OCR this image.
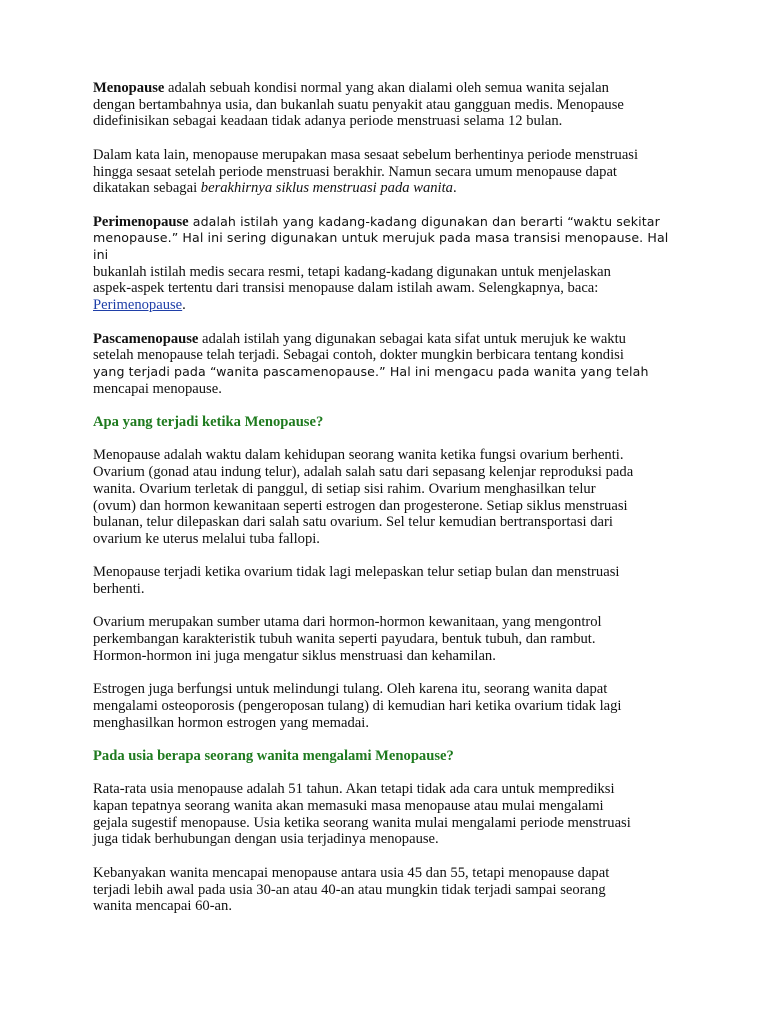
Menopause adalah sebuah kondisi normal yang akan dialami oleh semua wanita sejalan
dengan bertambahnya usia, dan bukanlah suatu penyakit atau gangguan medis. Menopause
didefinisikan sebagai keadaan tidak adanya periode menstruasi selama 12 bulan.

Dalam kata lain, menopause merupakan masa sesaat sebelum berhentinya periode menstruasi
hingga sesaat setelah periode menstruasi berakhir. Namun secara umum menopause dapat
dikatakan sebagai berakhirnya siklus menstruasi pada wanita.

Perimenopause adalah istilah yang kadang-kadang digunakan dan berarti “waktu sekitar
menopause.” Hal ini sering digunakan untuk merujuk pada masa transisi menopause. Hal ini
bukanlah istilah medis secara resmi, tetapi kadang-kadang digunakan untuk menjelaskan
aspek-aspek tertentu dari transisi menopause dalam istilah awam. Selengkapnya, baca:
Perimenopause.

Pascamenopause adalah istilah yang digunakan sebagai kata sifat untuk merujuk ke waktu
setelah menopause telah terjadi. Sebagai contoh, dokter mungkin berbicara tentang kondisi
yang terjadi pada “wanita pascamenopause.” Hal ini mengacu pada wanita yang telah
mencapai menopause.

Apa yang terjadi ketika Menopause?

Menopause adalah waktu dalam kehidupan seorang wanita ketika fungsi ovarium berhenti.
Ovarium (gonad atau indung telur), adalah salah satu dari sepasang kelenjar reproduksi pada
wanita. Ovarium terletak di panggul, di setiap sisi rahim. Ovarium menghasilkan telur
(ovum) dan hormon kewanitaan seperti estrogen dan progesterone. Setiap siklus menstruasi
bulanan, telur dilepaskan dari salah satu ovarium. Sel telur kemudian bertransportasi dari
ovarium ke uterus melalui tuba fallopi.

Menopause terjadi ketika ovarium tidak lagi melepaskan telur setiap bulan dan menstruasi
berhenti.

Ovarium merupakan sumber utama dari hormon-hormon kewanitaan, yang mengontrol
perkembangan karakteristik tubuh wanita seperti payudara, bentuk tubuh, dan rambut.
Hormon-hormon ini juga mengatur siklus menstruasi dan kehamilan.

Estrogen juga berfungsi untuk melindungi tulang. Oleh karena itu, seorang wanita dapat
mengalami osteoporosis (pengeroposan tulang) di kemudian hari ketika ovarium tidak lagi
menghasilkan hormon estrogen yang memadai.

Pada usia berapa seorang wanita mengalami Menopause?

Rata-rata usia menopause adalah 51 tahun. Akan tetapi tidak ada cara untuk memprediksi
kapan tepatnya seorang wanita akan memasuki masa menopause atau mulai mengalami
gejala sugestif menopause. Usia ketika seorang wanita mulai mengalami periode menstruasi
juga tidak berhubungan dengan usia terjadinya menopause.

Kebanyakan wanita mencapai menopause antara usia 45 dan 55, tetapi menopause dapat
terjadi lebih awal pada usia 30-an atau 40-an atau mungkin tidak terjadi sampai seorang
wanita mencapai 60-an.
